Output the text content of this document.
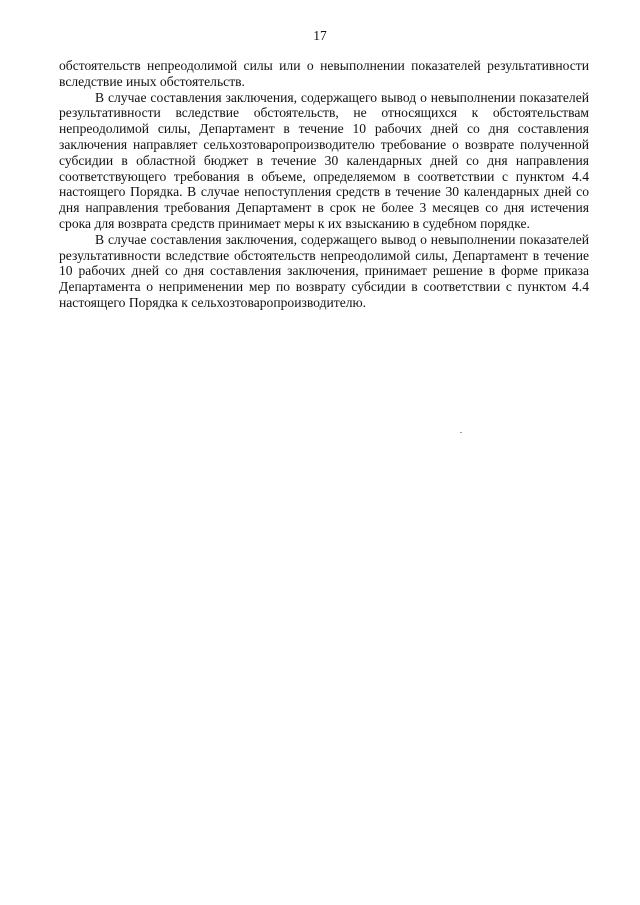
17

обстоятельств непреодолимой силы или о невыполнении показателей результативности вследствие иных обстоятельств.

В случае составления заключения, содержащего вывод о невыполнении показателей результативности вследствие обстоятельств, не относящихся к обстоятельствам непреодолимой силы, Департамент в течение 10 рабочих дней со дня составления заключения направляет сельхозтоваропроизводителю требование о возврате полученной субсидии в областной бюджет в течение 30 календарных дней со дня направления соответствующего требования в объеме, определяемом в соответствии с пунктом 4.4 настоящего Порядка. В случае непоступления средств в течение 30 календарных дней со дня направления требования Департамент в срок не более 3 месяцев со дня истечения срока для возврата средств принимает меры к их взысканию в судебном порядке.

В случае составления заключения, содержащего вывод о невыполнении показателей результативности вследствие обстоятельств непреодолимой силы, Департамент в течение 10 рабочих дней со дня составления заключения, принимает решение в форме приказа Департамента о неприменении мер по возврату субсидии в соответствии с пунктом 4.4 настоящего Порядка к сельхозтоваропроизводителю.
